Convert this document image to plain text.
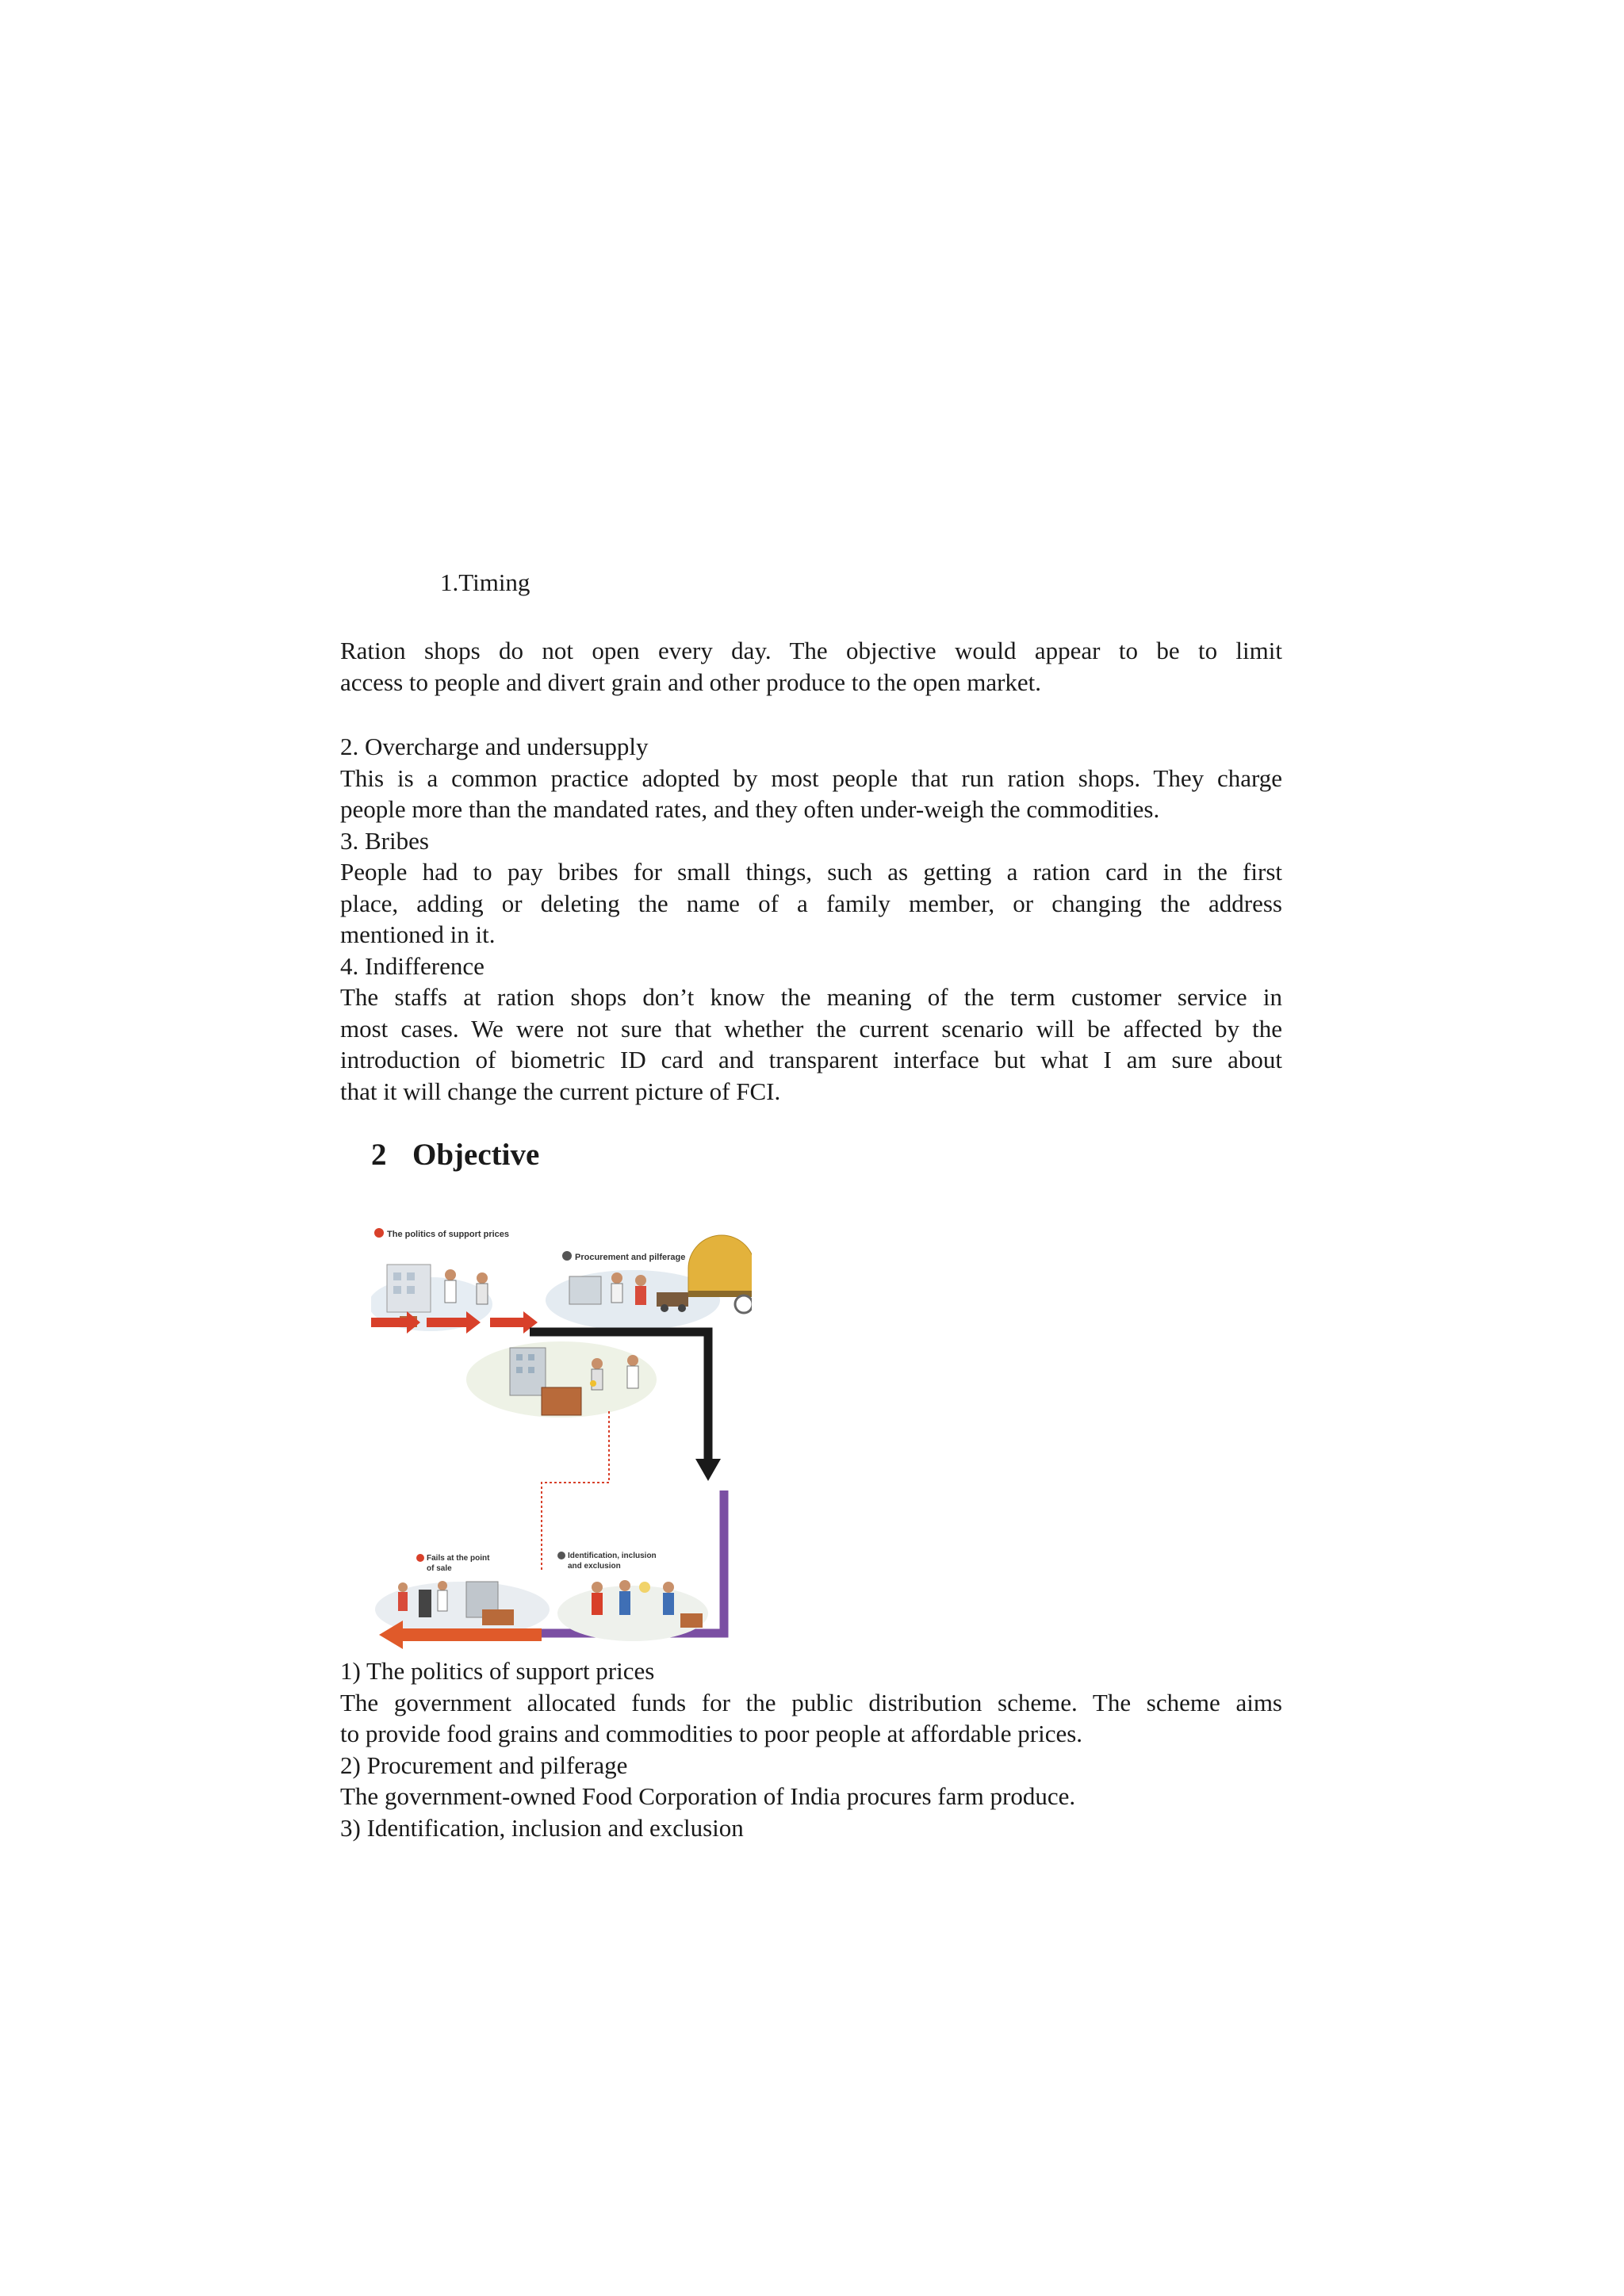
1.Timing
Ration shops do not open every day. The objective would appear to be to limit
access to people and divert grain and other produce to the open market.
2. Overcharge and undersupply
This is a common practice adopted by most people that run ration shops. They charge
people more than the mandated rates, and they often under-weigh the commodities.
3. Bribes
People had to pay bribes for small things, such as getting a ration card in the first
place, adding or deleting the name of a family member, or changing the address
mentioned in it.
4. Indifference
The staffs at ration shops don’t know the meaning of the term customer service in
most cases. We were not sure that whether the current scenario will be affected by the
introduction of biometric ID card and transparent interface but what I am sure about
that it will change the current picture of FCI.
2 Objective
The politics of support prices
Procurement and pilferage
Fails at the point
of sale
Identification, inclusion
and exclusion
1) The politics of support prices
The government allocated funds for the public distribution scheme. The scheme aims
to provide food grains and commodities to poor people at affordable prices.
2) Procurement and pilferage
The government-owned Food Corporation of India procures farm produce.
3) Identification, inclusion and exclusion
